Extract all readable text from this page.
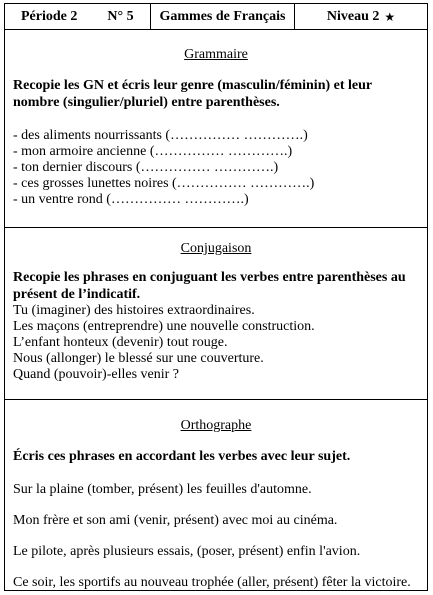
Période 2 N° 5 Gammes de Français	Niveau 2 ★
Grammaire
Recopie les GN et écris leur genre (masculin/féminin) et leur nombre (singulier/pluriel) entre parenthèses.
- des aliments nourrissants (…………… ………….)
- mon armoire ancienne (…………… ………….)
- ton dernier discours (…………… ………….)
- ces grosses lunettes noires (…………… ………….)
- un ventre rond (…………… ………….)
Conjugaison
Recopie les phrases en conjuguant les verbes entre parenthèses au présent de l’indicatif.
Tu (imaginer) des histoires extraordinaires.
Les maçons (entreprendre) une nouvelle construction.
L’enfant honteux (devenir) tout rouge.
Nous (allonger) le blessé sur une couverture.
Quand (pouvoir)-elles venir ?
Orthographe
Écris ces phrases en accordant les verbes avec leur sujet.
Sur la plaine (tomber, présent) les feuilles d'automne.
Mon frère et son ami (venir, présent) avec moi au cinéma.
Le pilote, après plusieurs essais, (poser, présent) enfin l'avion.
Ce soir, les sportifs au nouveau trophée (aller, présent) fêter la victoire.
